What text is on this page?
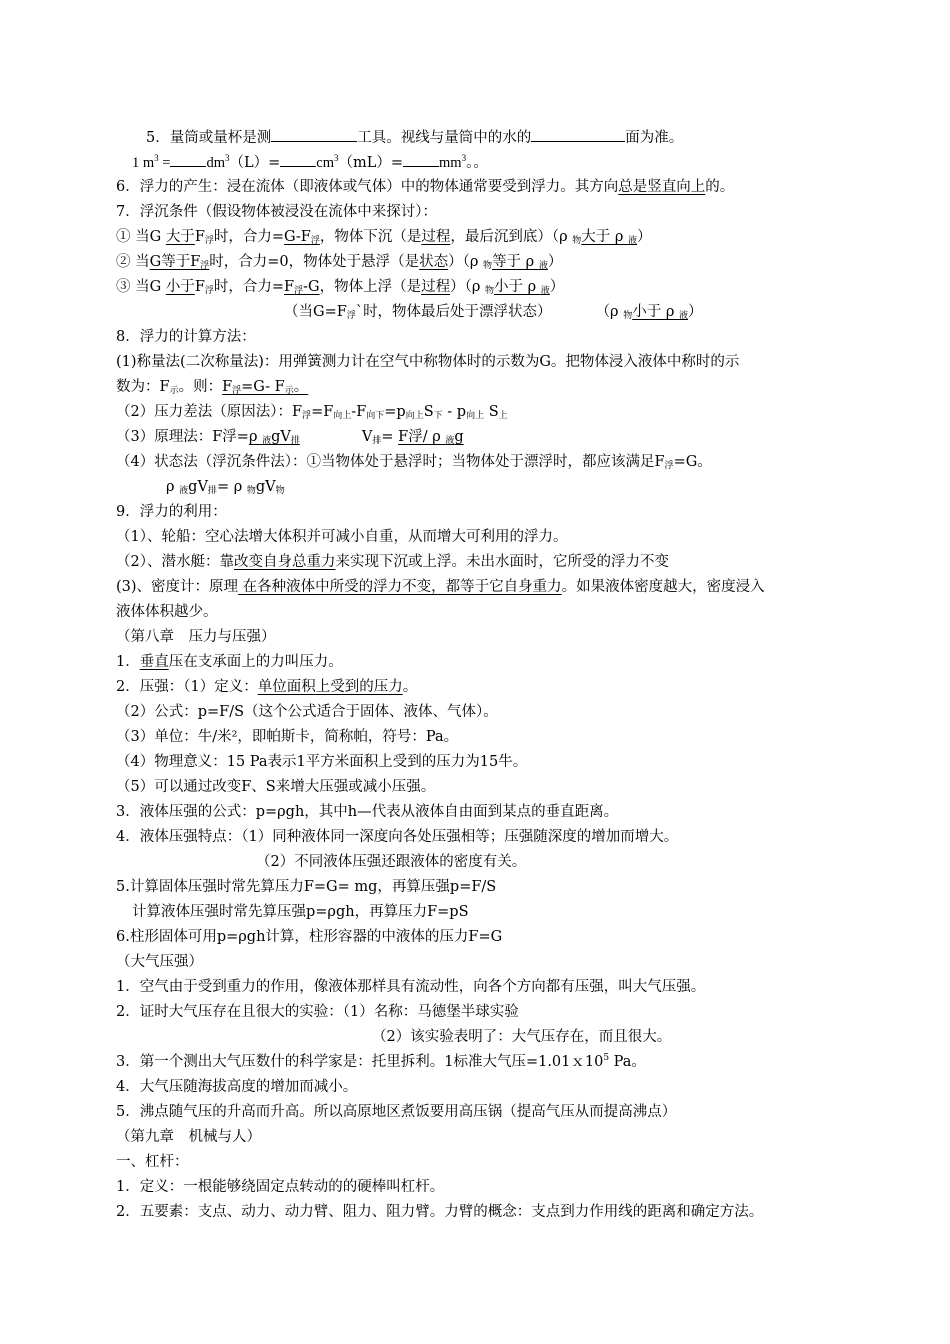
5．量筒或量杯是测	工具。视线与量筒中的水的	面为准。
1 $m^3 = dm^3(L)= cm^3(mL)= mm^3$。。
6．浮力的产生：浸在流体（即液体或气体）中的物体通常要受到浮力。其方向总是竖直向上的。
7．浮沉条件（假设物体被浸没在流体中来探讨）：
① 当G 大于$F_浮$时，合力$=G-F_浮$，物体下沉（是过程，最后沉到底）（ρ $_物$大于 ρ $_液$）
② 当G等于$F_浮$时，合力=0，物体处于悬浮（是状态）（ρ $_物$等于 ρ $_液$）
③ 当G 小于$F_浮$时，合力$=F_浮-G$，物体上浮（是过程）（ρ $_物$小于 ρ $_液$）
（当$G=F_浮`$时，物体最后处于漂浮状态）	（ρ $_物$小于 ρ $_液$）
8．浮力的计算方法：
(1)称量法(二次称量法)：用弹簧测力计在空气中称物体时的示数为G。把物体浸入液体中称时的示
数为：$F_示$。则：$F_浮=G-$ $F_示$。
（2）压力差法（原因法）：$F_浮=F_{向上}-F_{向下}=p_{向上}S_下 - p_{向上}$ $S_上$
（3）原理法：F浮=ρ $_液gV_排$	$V_排= F$浮/ ρ $_液$g
（4）状态法（浮沉条件法）：①当物体处于悬浮时；当物体处于漂浮时，都应该满足$F_浮=G$。
ρ $_液gV_排= \rho$ $_物gV_物$
9．浮力的利用：
（1）、轮船：空心法增大体积并可减小自重，从而增大可利用的浮力。
（2）、潜水艇：靠改变自身总重力来实现下沉或上浮。未出水面时，它所受的浮力不变
(3)、密度计：原理 在各种液体中所受的浮力不变，都等于它自身重力。如果液体密度越大，密度浸入
液体体积越少。
（第八章　压力与压强）
1．垂直压在支承面上的力叫压力。
2．压强：（1）定义：单位面积上受到的压力。
（2）公式：p=F/S（这个公式适合于固体、液体、气体）。
（3）单位：牛/米²，即帕斯卡，简称帕，符号：Pa。
（4）物理意义：15 Pa表示1平方米面积上受到的压力为15牛。
（5）可以通过改变F、S来增大压强或减小压强。
3．液体压强的公式：p=ρgh，其中h—代表从液体自由面到某点的垂直距离。
4．液体压强特点：（1）同种液体同一深度向各处压强相等；压强随深度的增加而增大。
（2）不同液体压强还跟液体的密度有关。
5.计算固体压强时常先算压力F=G= mg，再算压强p=F/S
计算液体压强时常先算压强p=ρgh，再算压力F=pS
6.柱形固体可用p=ρgh计算，柱形容器的中液体的压力F=G
（大气压强）
1．空气由于受到重力的作用，像液体那样具有流动性，向各个方向都有压强，叫大气压强。
2．证时大气压存在且很大的实验：（1）名称：马德堡半球实验
（2）该实验表明了：大气压存在，而且很大。
3．第一个测出大气压数什的科学家是：托里拆利。1标准大气压$=1.01x10^5$ Pa。
4．大气压随海拔高度的增加而减小。
5．沸点随气压的升高而升高。所以高原地区煮饭要用高压锅（提高气压从而提高沸点）
（第九章　机械与人）
一、杠杆：
1．定义：一根能够绕固定点转动的的硬棒叫杠杆。
2．五要素：支点、动力、动力臂、阻力、阻力臂。力臂的概念：支点到力作用线的距离和确定方法。
